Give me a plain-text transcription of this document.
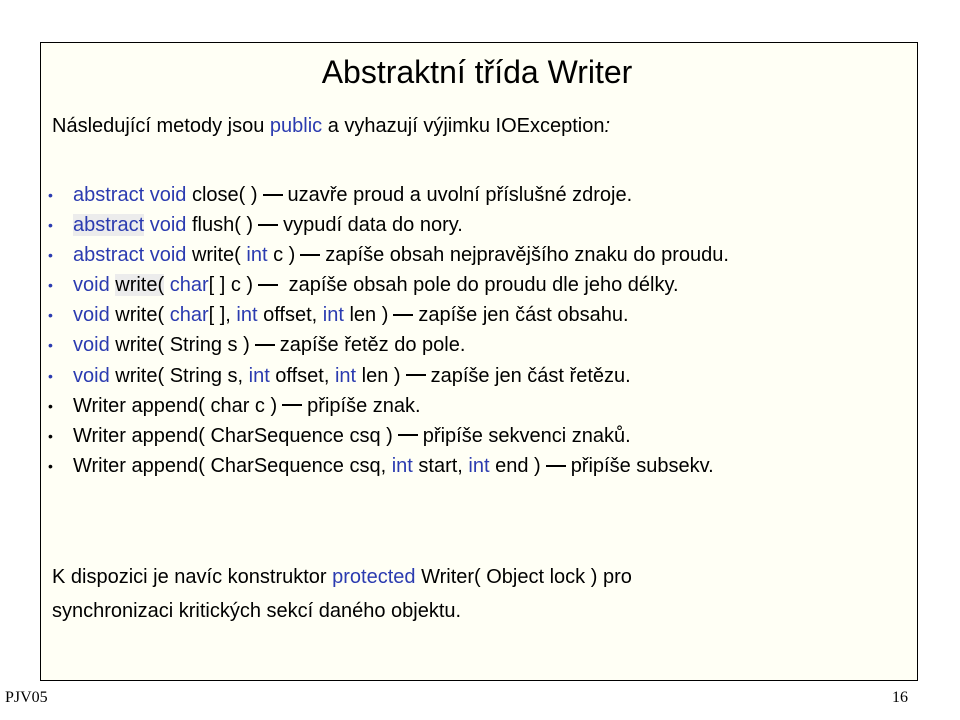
Abstraktní třída Writer
Následující metody jsou public a vyhazují výjimku IOException:
•	abstract void close( ) uzavře proud a uvolní příslušné zdroje.
•	abstract void flush( ) vypudí data do nory.
•	abstract void write( int c ) zapíše obsah nejpravějšího znaku do proudu.
•	void write( char[ ] c ) zapíše obsah pole do proudu dle jeho délky.
•	void write( char[ ], int offset, int len ) zapíše jen část obsahu.
•	void write( String s ) zapíše řetěz do pole.
•	void write( String s, int offset, int len ) zapíše jen část řetězu.
•	Writer append( char c ) připíše znak.
•	Writer append( CharSequence csq ) připíše sekvenci znaků.
•	Writer append( CharSequence csq, int start, int end ) připíše subsekv.
K dispozici je navíc konstruktor protected Writer( Object lock ) pro
synchronizaci kritických sekcí daného objektu.
PJV05	16
